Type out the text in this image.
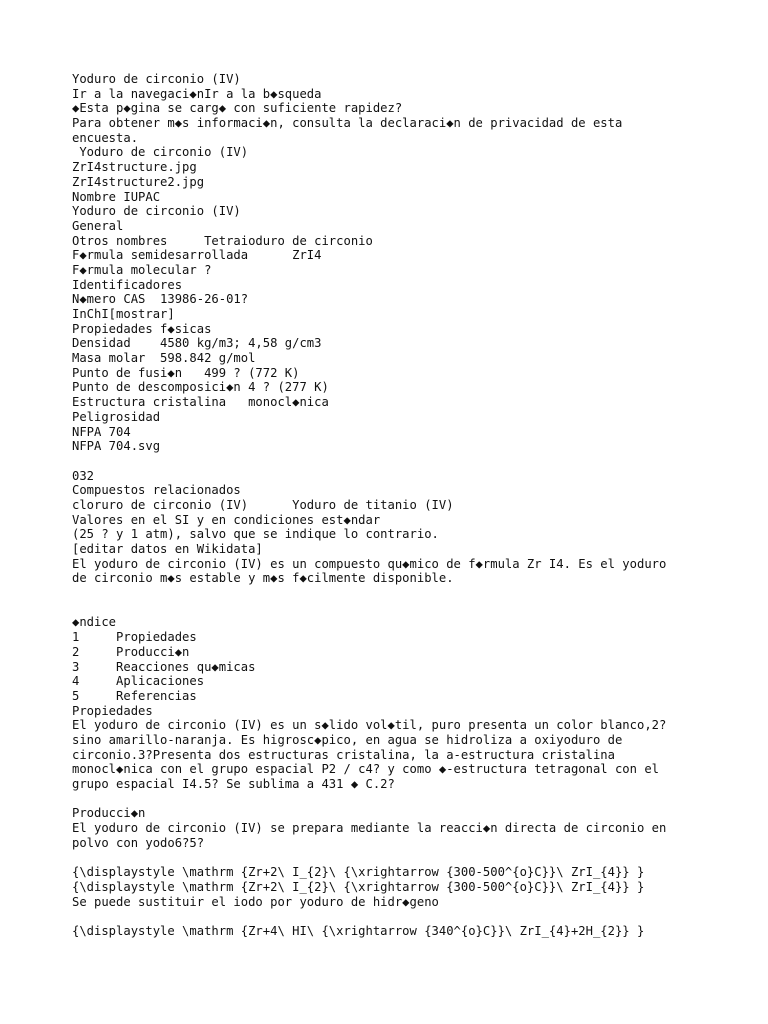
Yoduro de circonio (IV)
Ir a la navegaci◆nIr a la b◆squeda
◆Esta p◆gina se carg◆ con suficiente rapidez?
Para obtener m◆s informaci◆n, consulta la declaraci◆n de privacidad de esta
encuesta.
Yoduro de circonio (IV)
ZrI4structure.jpg
ZrI4structure2.jpg
Nombre IUPAC
Yoduro de circonio (IV)
General
Otros nombres     Tetraioduro de circonio
F◆rmula semidesarrollada      ZrI4
F◆rmula molecular ?
Identificadores
N◆mero CAS  13986-26-01?
InChI[mostrar]
Propiedades f◆sicas
Densidad    4580 kg/m3; 4,58 g/cm3
Masa molar  598.842 g/mol
Punto de fusi◆n   499 ? (772 K)
Punto de descomposici◆n 4 ? (277 K)
Estructura cristalina   monocl◆nica
Peligrosidad
NFPA 704
NFPA 704.svg
032
Compuestos relacionados
cloruro de circonio (IV)      Yoduro de titanio (IV)
Valores en el SI y en condiciones est◆ndar
(25 ? y 1 atm), salvo que se indique lo contrario.
[editar datos en Wikidata]
El yoduro de circonio (IV) es un compuesto qu◆mico de f◆rmula Zr I4. Es el yoduro
de circonio m◆s estable y m◆s f◆cilmente disponible.
◆ndice
1     Propiedades
2     Producci◆n
3     Reacciones qu◆micas
4     Aplicaciones
5     Referencias
Propiedades
El yoduro de circonio (IV) es un s◆lido vol◆til, puro presenta un color blanco,2?
sino amarillo-naranja. Es higrosc◆pico, en agua se hidroliza a oxiyoduro de
circonio.3?Presenta dos estructuras cristalina, la a-estructura cristalina
monocl◆nica con el grupo espacial P2 / c4? y como ◆-estructura tetragonal con el
grupo espacial I4.5? Se sublima a 431 ◆ C.2?
Producci◆n
El yoduro de circonio (IV) se prepara mediante la reacci◆n directa de circonio en
polvo con yodo6?5?
{\displaystyle \mathrm {Zr+2\ I_{2}\ {\xrightarrow {300-500^{o}C}}\ ZrI_{4}} }
{\displaystyle \mathrm {Zr+2\ I_{2}\ {\xrightarrow {300-500^{o}C}}\ ZrI_{4}} }
Se puede sustituir el iodo por yoduro de hidr◆geno
{\displaystyle \mathrm {Zr+4\ HI\ {\xrightarrow {340^{o}C}}\ ZrI_{4}+2H_{2}} }
